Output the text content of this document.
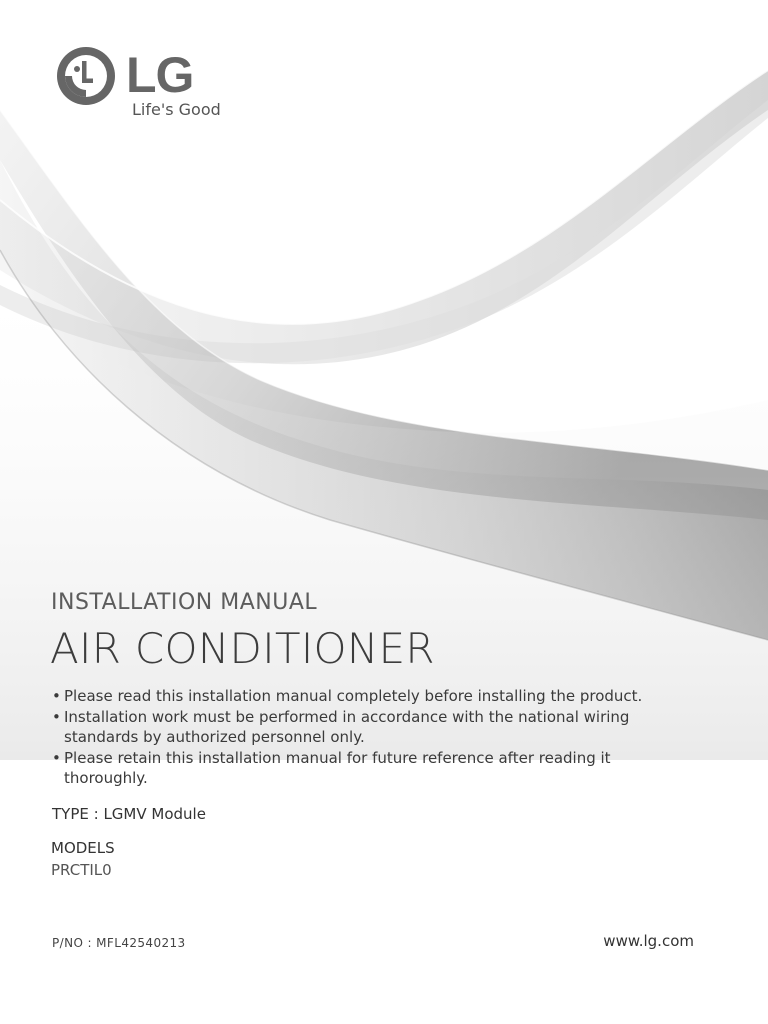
LG
Life's Good
INSTALLATION MANUAL
AIR CONDITIONER
• Please read this installation manual completely before installing the product.
• Installation work must be performed in accordance with the national wiring standards by authorized personnel only.
• Please retain this installation manual for future reference after reading it thoroughly.
TYPE : LGMV Module
MODELS
PRCTIL0
P/NO : MFL42540213	www.lg.com
